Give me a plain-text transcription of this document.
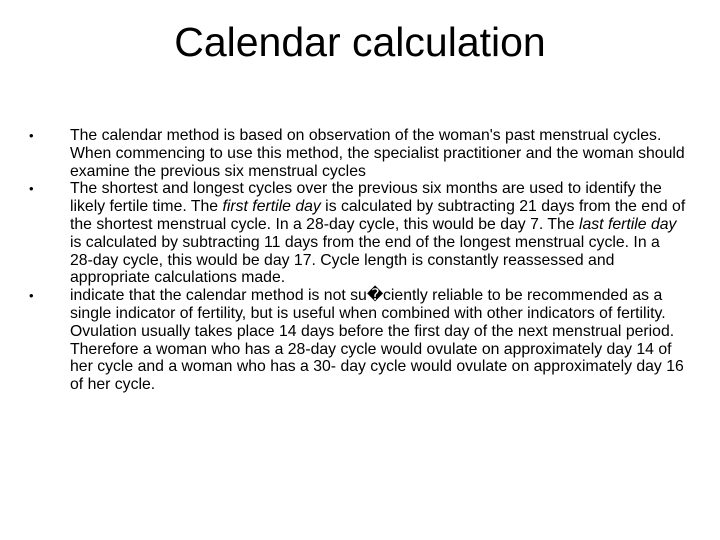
Calendar calculation
• The calendar method is based on observation of the woman's past menstrual cycles. When commencing to use this method, the specialist practitioner and the woman should examine the previous six menstrual cycles
• The shortest and longest cycles over the previous six months are used to identify the likely fertile time. The first fertile day is calculated by subtracting 21 days from the end of the shortest menstrual cycle. In a 28-day cycle, this would be day 7. The last fertile day is calculated by subtracting 11 days from the end of the longest menstrual cycle. In a 28-day cycle, this would be day 17. Cycle length is constantly reassessed and appropriate calculations made.
• indicate that the calendar method is not su�ciently reliable to be recommended as a single indicator of fertility, but is useful when combined with other indicators of fertility. Ovulation usually takes place 14 days before the first day of the next menstrual period. Therefore a woman who has a 28-day cycle would ovulate on approximately day 14 of her cycle and a woman who has a 30- day cycle would ovulate on approximately day 16 of her cycle.
